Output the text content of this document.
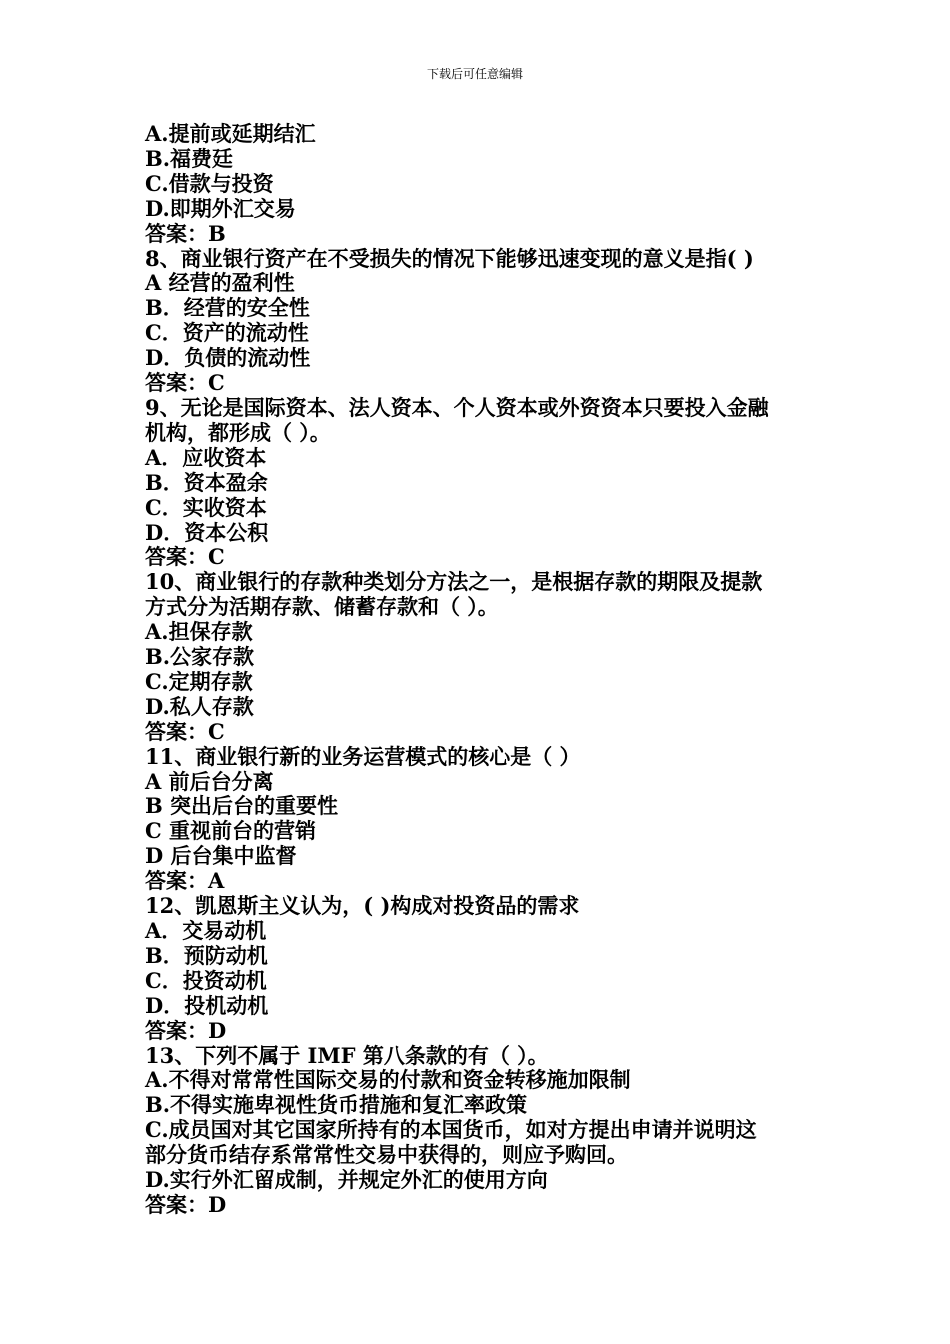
下载后可任意编辑
A.提前或延期结汇
B.福费廷
C.借款与投资
D.即期外汇交易
答案：B
8、商业银行资产在不受损失的情况下能够迅速变现的意义是指( )
A 经营的盈利性
B．经营的安全性
C．资产的流动性
D．负债的流动性
答案：C
9、无论是国际资本、法人资本、个人资本或外资资本只要投入金融
机构，都形成（ ）。
A．应收资本
B．资本盈余
C．实收资本
D．资本公积
答案：C
10、商业银行的存款种类划分方法之一，是根据存款的期限及提款
方式分为活期存款、储蓄存款和（ ）。
A.担保存款
B.公家存款
C.定期存款
D.私人存款
答案：C
11、商业银行新的业务运营模式的核心是（ ）
A 前后台分离
B 突出后台的重要性
C 重视前台的营销
D 后台集中监督
答案：A
12、凯恩斯主义认为，( )构成对投资品的需求
A．交易动机
B．预防动机
C．投资动机
D．投机动机
答案：D
13、下列不属于 IMF 第八条款的有（ ）。
A.不得对常常性国际交易的付款和资金转移施加限制
B.不得实施卑视性货币措施和复汇率政策
C.成员国对其它国家所持有的本国货币，如对方提出申请并说明这
部分货币结存系常常性交易中获得的，则应予购回。
D.实行外汇留成制，并规定外汇的使用方向
答案：D
